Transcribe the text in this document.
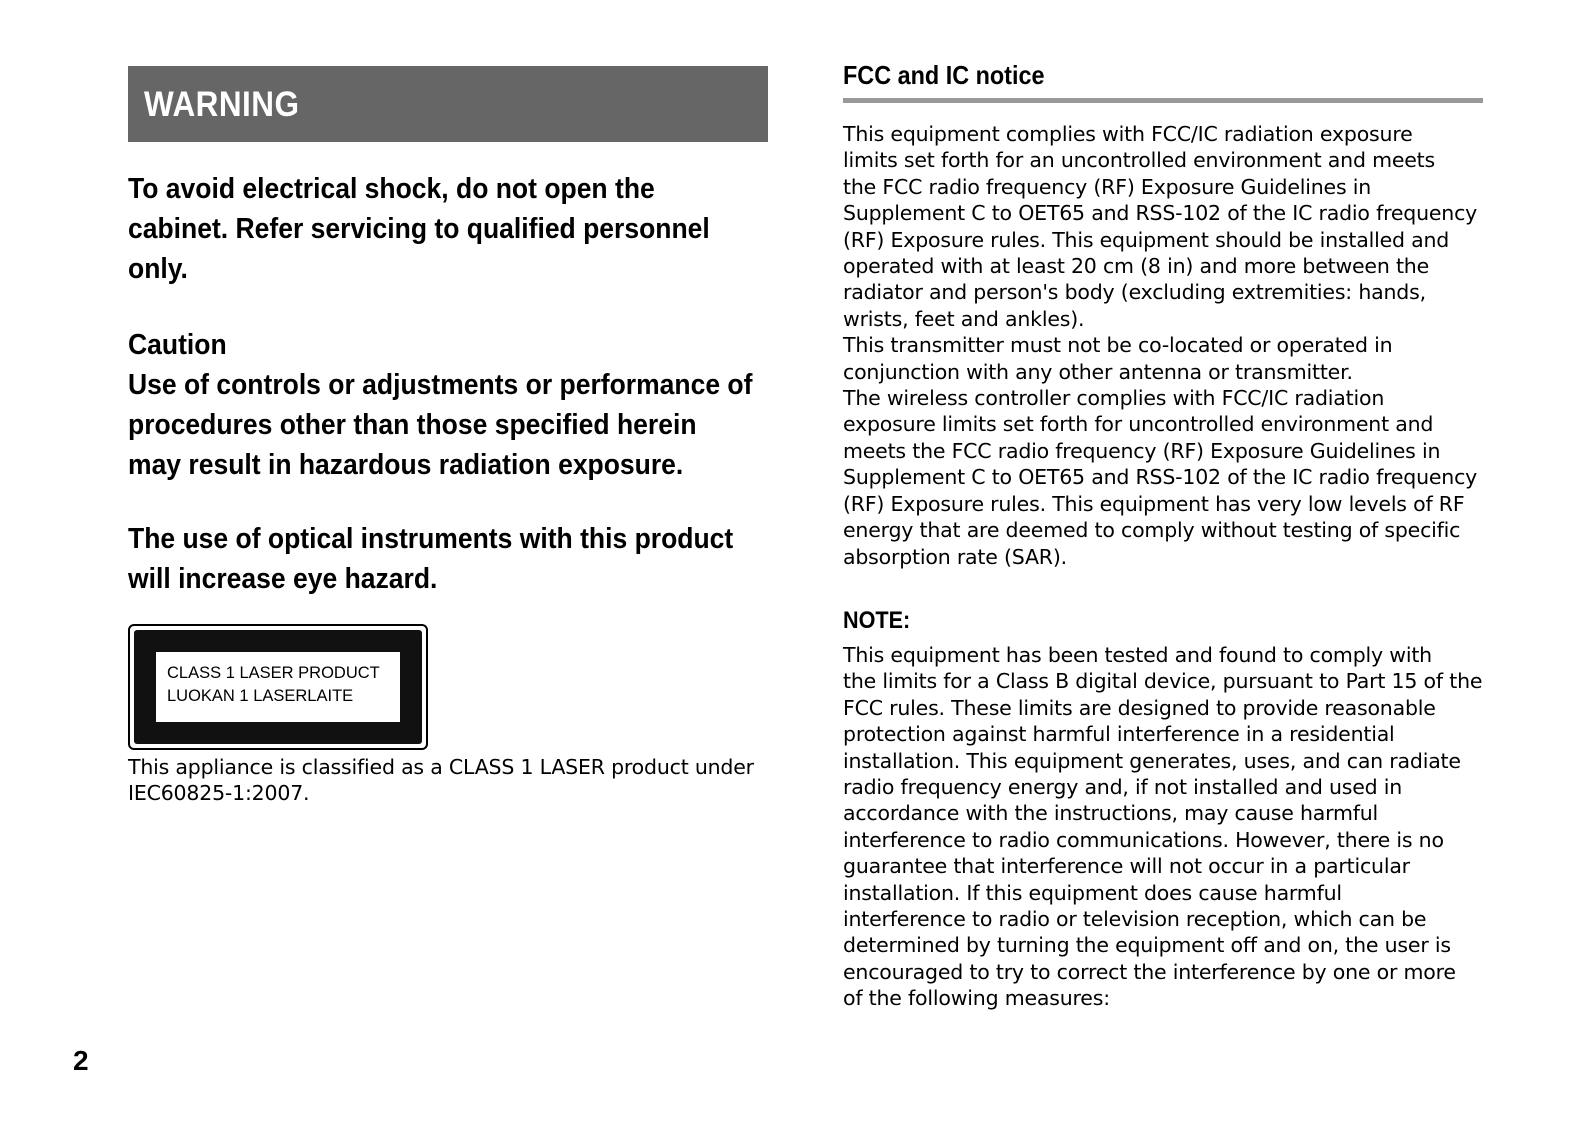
WARNING
To avoid electrical shock, do not open the
cabinet. Refer servicing to qualified personnel
only.
Caution
Use of controls or adjustments or performance of
procedures other than those specified herein
may result in hazardous radiation exposure.
The use of optical instruments with this product
will increase eye hazard.
CLASS 1 LASER PRODUCT
LUOKAN 1 LASERLAITE
This appliance is classified as a CLASS 1 LASER product under
IEC60825-1:2007.
FCC and IC notice
This equipment complies with FCC/IC radiation exposure
limits set forth for an uncontrolled environment and meets
the FCC radio frequency (RF) Exposure Guidelines in
Supplement C to OET65 and RSS-102 of the IC radio frequency
(RF) Exposure rules. This equipment should be installed and
operated with at least 20 cm (8 in) and more between the
radiator and person's body (excluding extremities: hands,
wrists, feet and ankles).
This transmitter must not be co-located or operated in
conjunction with any other antenna or transmitter.
The wireless controller complies with FCC/IC radiation
exposure limits set forth for uncontrolled environment and
meets the FCC radio frequency (RF) Exposure Guidelines in
Supplement C to OET65 and RSS-102 of the IC radio frequency
(RF) Exposure rules. This equipment has very low levels of RF
energy that are deemed to comply without testing of specific
absorption rate (SAR).
NOTE:
This equipment has been tested and found to comply with
the limits for a Class B digital device, pursuant to Part 15 of the
FCC rules. These limits are designed to provide reasonable
protection against harmful interference in a residential
installation. This equipment generates, uses, and can radiate
radio frequency energy and, if not installed and used in
accordance with the instructions, may cause harmful
interference to radio communications. However, there is no
guarantee that interference will not occur in a particular
installation. If this equipment does cause harmful
interference to radio or television reception, which can be
determined by turning the equipment off and on, the user is
encouraged to try to correct the interference by one or more
of the following measures:
2
